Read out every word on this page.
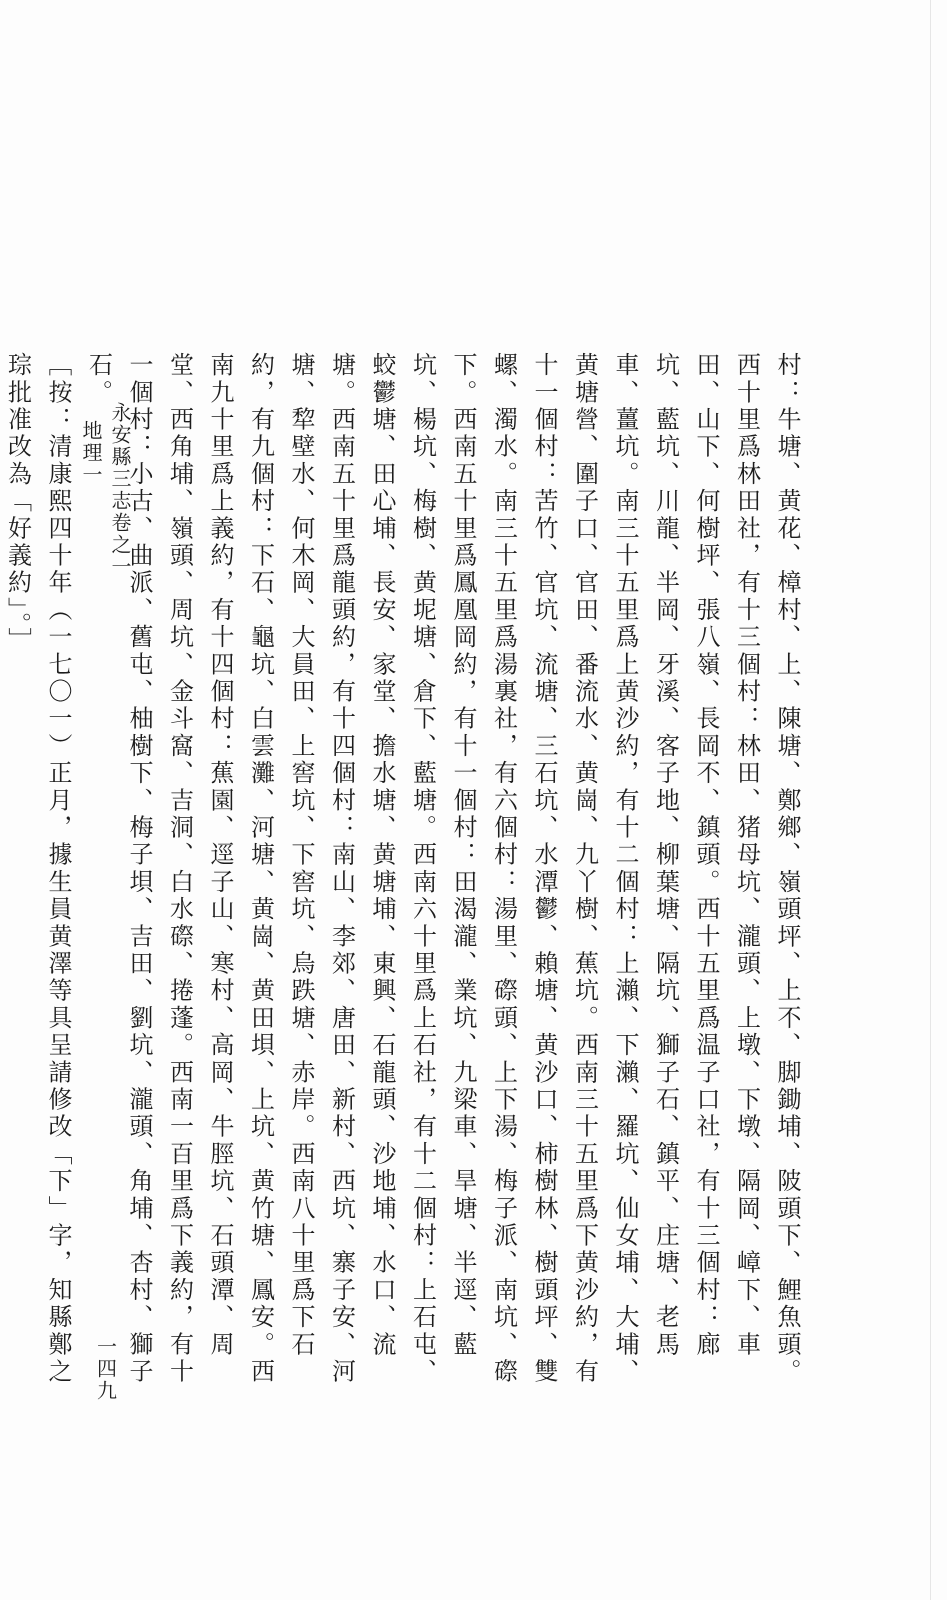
村：牛塘、黄花、樟村、上、陳塘、鄭鄉、嶺頭坪、上不、脚鋤埔、陂頭下、鯉魚頭。西十里爲林田社，有十三個村：林田、猪母坑、瀧頭、上墩、下墩、隔岡、嶂下、車田、山下、何樹坪、張八嶺、長岡不、鎮頭。西十五里爲温子口社，有十三個村：廊坑、藍坑、川龍、半岡、牙溪、客子地、柳葉塘、隔坑、獅子石、鎮平、庄塘、老馬車、薑坑。南三十五里爲上黄沙約，有十二個村：上瀨、下瀨、羅坑、仙女埔、大埔、黄塘營、圍子口、官田、番流水、黄崗、九丫樹、蕉坑。西南三十五里爲下黄沙約，有十一個村：苦竹、官坑、流塘、三石坑、水潭鬱、賴塘、黄沙口、柿樹林、樹頭坪、雙螺、濁水。南三十五里爲湯裏社，有六個村：湯里、磜頭、上下湯、梅子派、南坑、磜下。西南五十里爲鳳凰岡約，有十一個村：田渴瀧、業坑、九梁車、旱塘、半逕、藍坑、楊坑、梅樹、黄坭塘、倉下、藍塘。西南六十里爲上石社，有十二個村：上石屯、蛟鬱塘、田心埔、長安、家堂、擔水塘、黄塘埔、東興、石龍頭、沙地埔、水口、流塘。西南五十里爲龍頭約，有十四個村：南山、李郊、唐田、新村、西坑、寨子安、河塘、犂壁水、何木岡、大員田、上窖坑、下窖坑、烏跌塘、赤岸。西南八十里爲下石約，有九個村：下石、龜坑、白雲灘、河塘、黄崗、黄田垻、上坑、黄竹塘、鳳安。西南九十里爲上義約，有十四個村：蕉園、逕子山、寒村、高岡、牛脛坑、石頭潭、周堂、西角埔、嶺頭、周坑、金斗窩、吉洞、白水磜、捲蓬。西南一百里爲下義約，有十一個村：小古、曲派、舊屯、柚樹下、梅子垻、吉田、劉坑、瀧頭、角埔、杏村、獅子石。

［按：清康熙四十年（一七〇一）正月，據生員黄澤等具呈請修改「下」字，知縣鄭之琮批准改為「好義約」。］	永安縣三志卷之一
地理一
一四九
